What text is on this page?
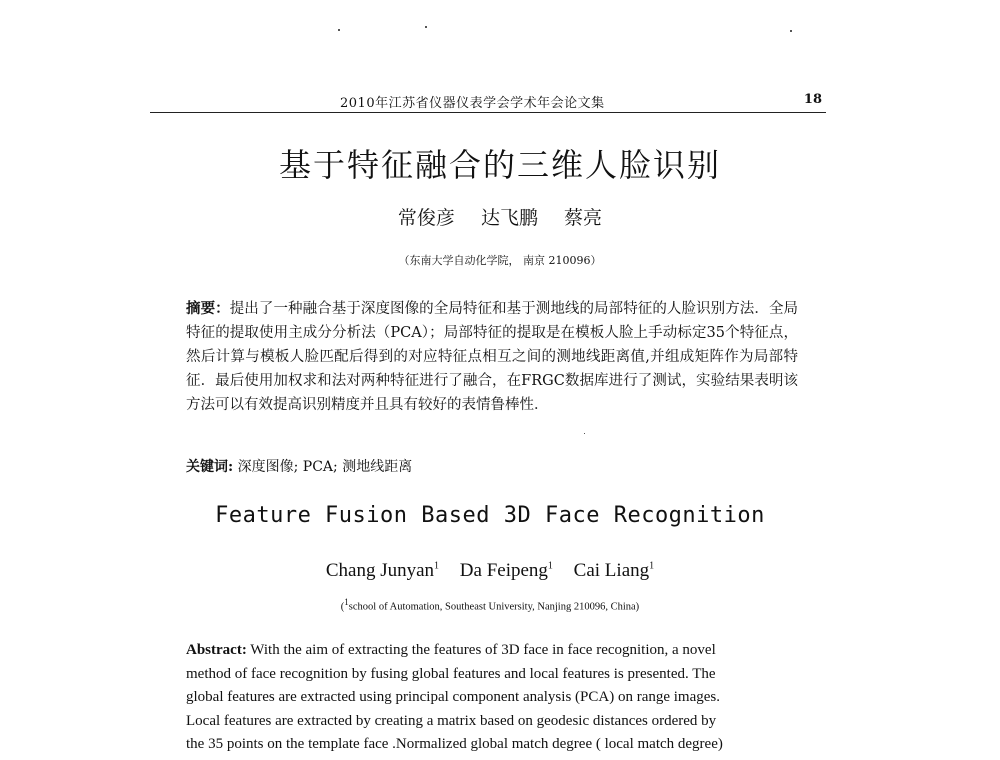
2010年江苏省仪器仪表学会学术年会论文集	18
基于特征融合的三维人脸识别
常俊彦 达飞鹏 蔡亮
（东南大学自动化学院， 南京 210096）
摘要：提出了一种融合基于深度图像的全局特征和基于测地线的局部特征的人脸识别方法．全局特征的提取使用主成分分析法（PCA）；局部特征的提取是在模板人脸上手动标定35个特征点，然后计算与模板人脸匹配后得到的对应特征点相互之间的测地线距离值,并组成矩阵作为局部特征．最后使用加权求和法对两种特征进行了融合，在FRGC数据库进行了测试，实验结果表明该方法可以有效提高识别精度并且具有较好的表情鲁棒性．
关键词: 深度图像; PCA; 测地线距离
Feature Fusion Based 3D Face Recognition
Chang Junyan$^1$ Da Feipeng$^1$ Cai Liang$^1$
($^1$school of Automation, Southeast University, Nanjing 210096, China)
Abstract: With the aim of extracting the features of 3D face in face recognition, a novel
method of face recognition by fusing global features and local features is presented. The
global features are extracted using principal component analysis (PCA) on range images.
Local features are extracted by creating a matrix based on geodesic distances ordered by
the 35 points on the template face .Normalized global match degree ( local match degree)
